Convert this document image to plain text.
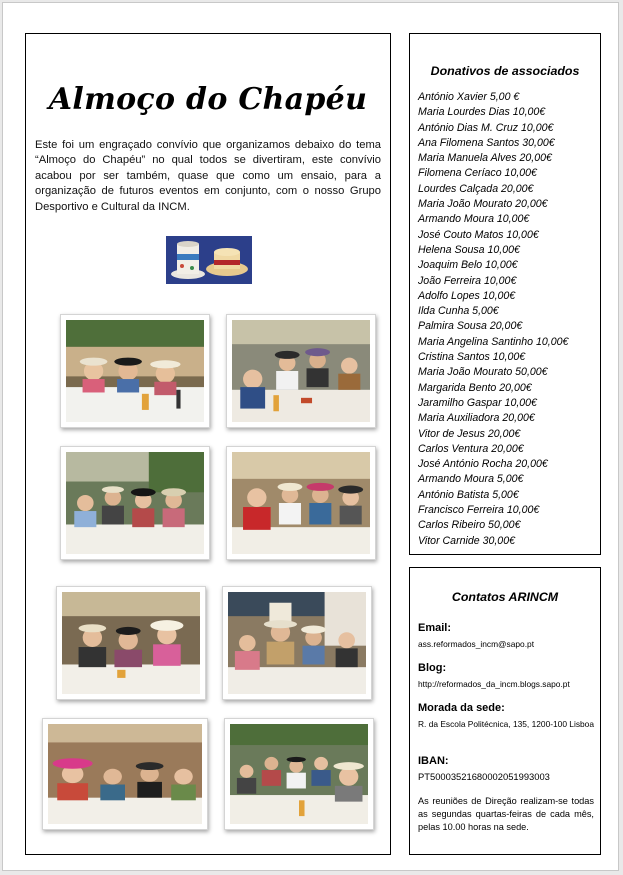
Almoço do Chapéu

Este foi um engraçado convívio que organizamos debaixo do tema “Almoço do Chapéu” no qual todos se divertiram, este convívio acabou por ser também, quase que como um ensaio, para a organização de futuros eventos em conjunto, com o nosso Grupo Desportivo e Cultural da INCM.

Donativos de associados
António Xavier 5,00 €
Maria Lourdes Dias 10,00€
António Dias M. Cruz 10,00€
Ana Filomena Santos 30,00€
Maria Manuela Alves 20,00€
Filomena Ceríaco 10,00€
Lourdes Calçada 20,00€
Maria João Mourato 20,00€
Armando Moura 10,00€
José Couto Matos 10,00€
Helena Sousa 10,00€
Joaquim Belo 10,00€
João Ferreira 10,00€
Adolfo Lopes 10,00€
Ilda Cunha 5,00€
Palmira Sousa 20,00€
Maria Angelina Santinho 10,00€
Cristina Santos 10,00€
Maria João Mourato 50,00€
Margarida Bento 20,00€
Jaramilho Gaspar 10,00€
Maria Auxiliadora 20,00€
Vitor de Jesus 20,00€
Carlos Ventura 20,00€
José António Rocha 20,00€
Armando Moura 5,00€
António Batista 5,00€
Francisco Ferreira 10,00€
Carlos Ribeiro 50,00€
Vitor Carnide 30,00€
Contatos ARINCM
Email:
ass.reformados_incm@sapo.pt
Blog:
http://reformados_da_incm.blogs.sapo.pt
Morada da sede:
R. da Escola Politécnica, 135, 1200-100 Lisboa
IBAN:
PT50003521680002051993003
As reuniões de Direção realizam-se todas as segundas quartas-feiras de cada mês, pelas 10.00 horas na sede.
